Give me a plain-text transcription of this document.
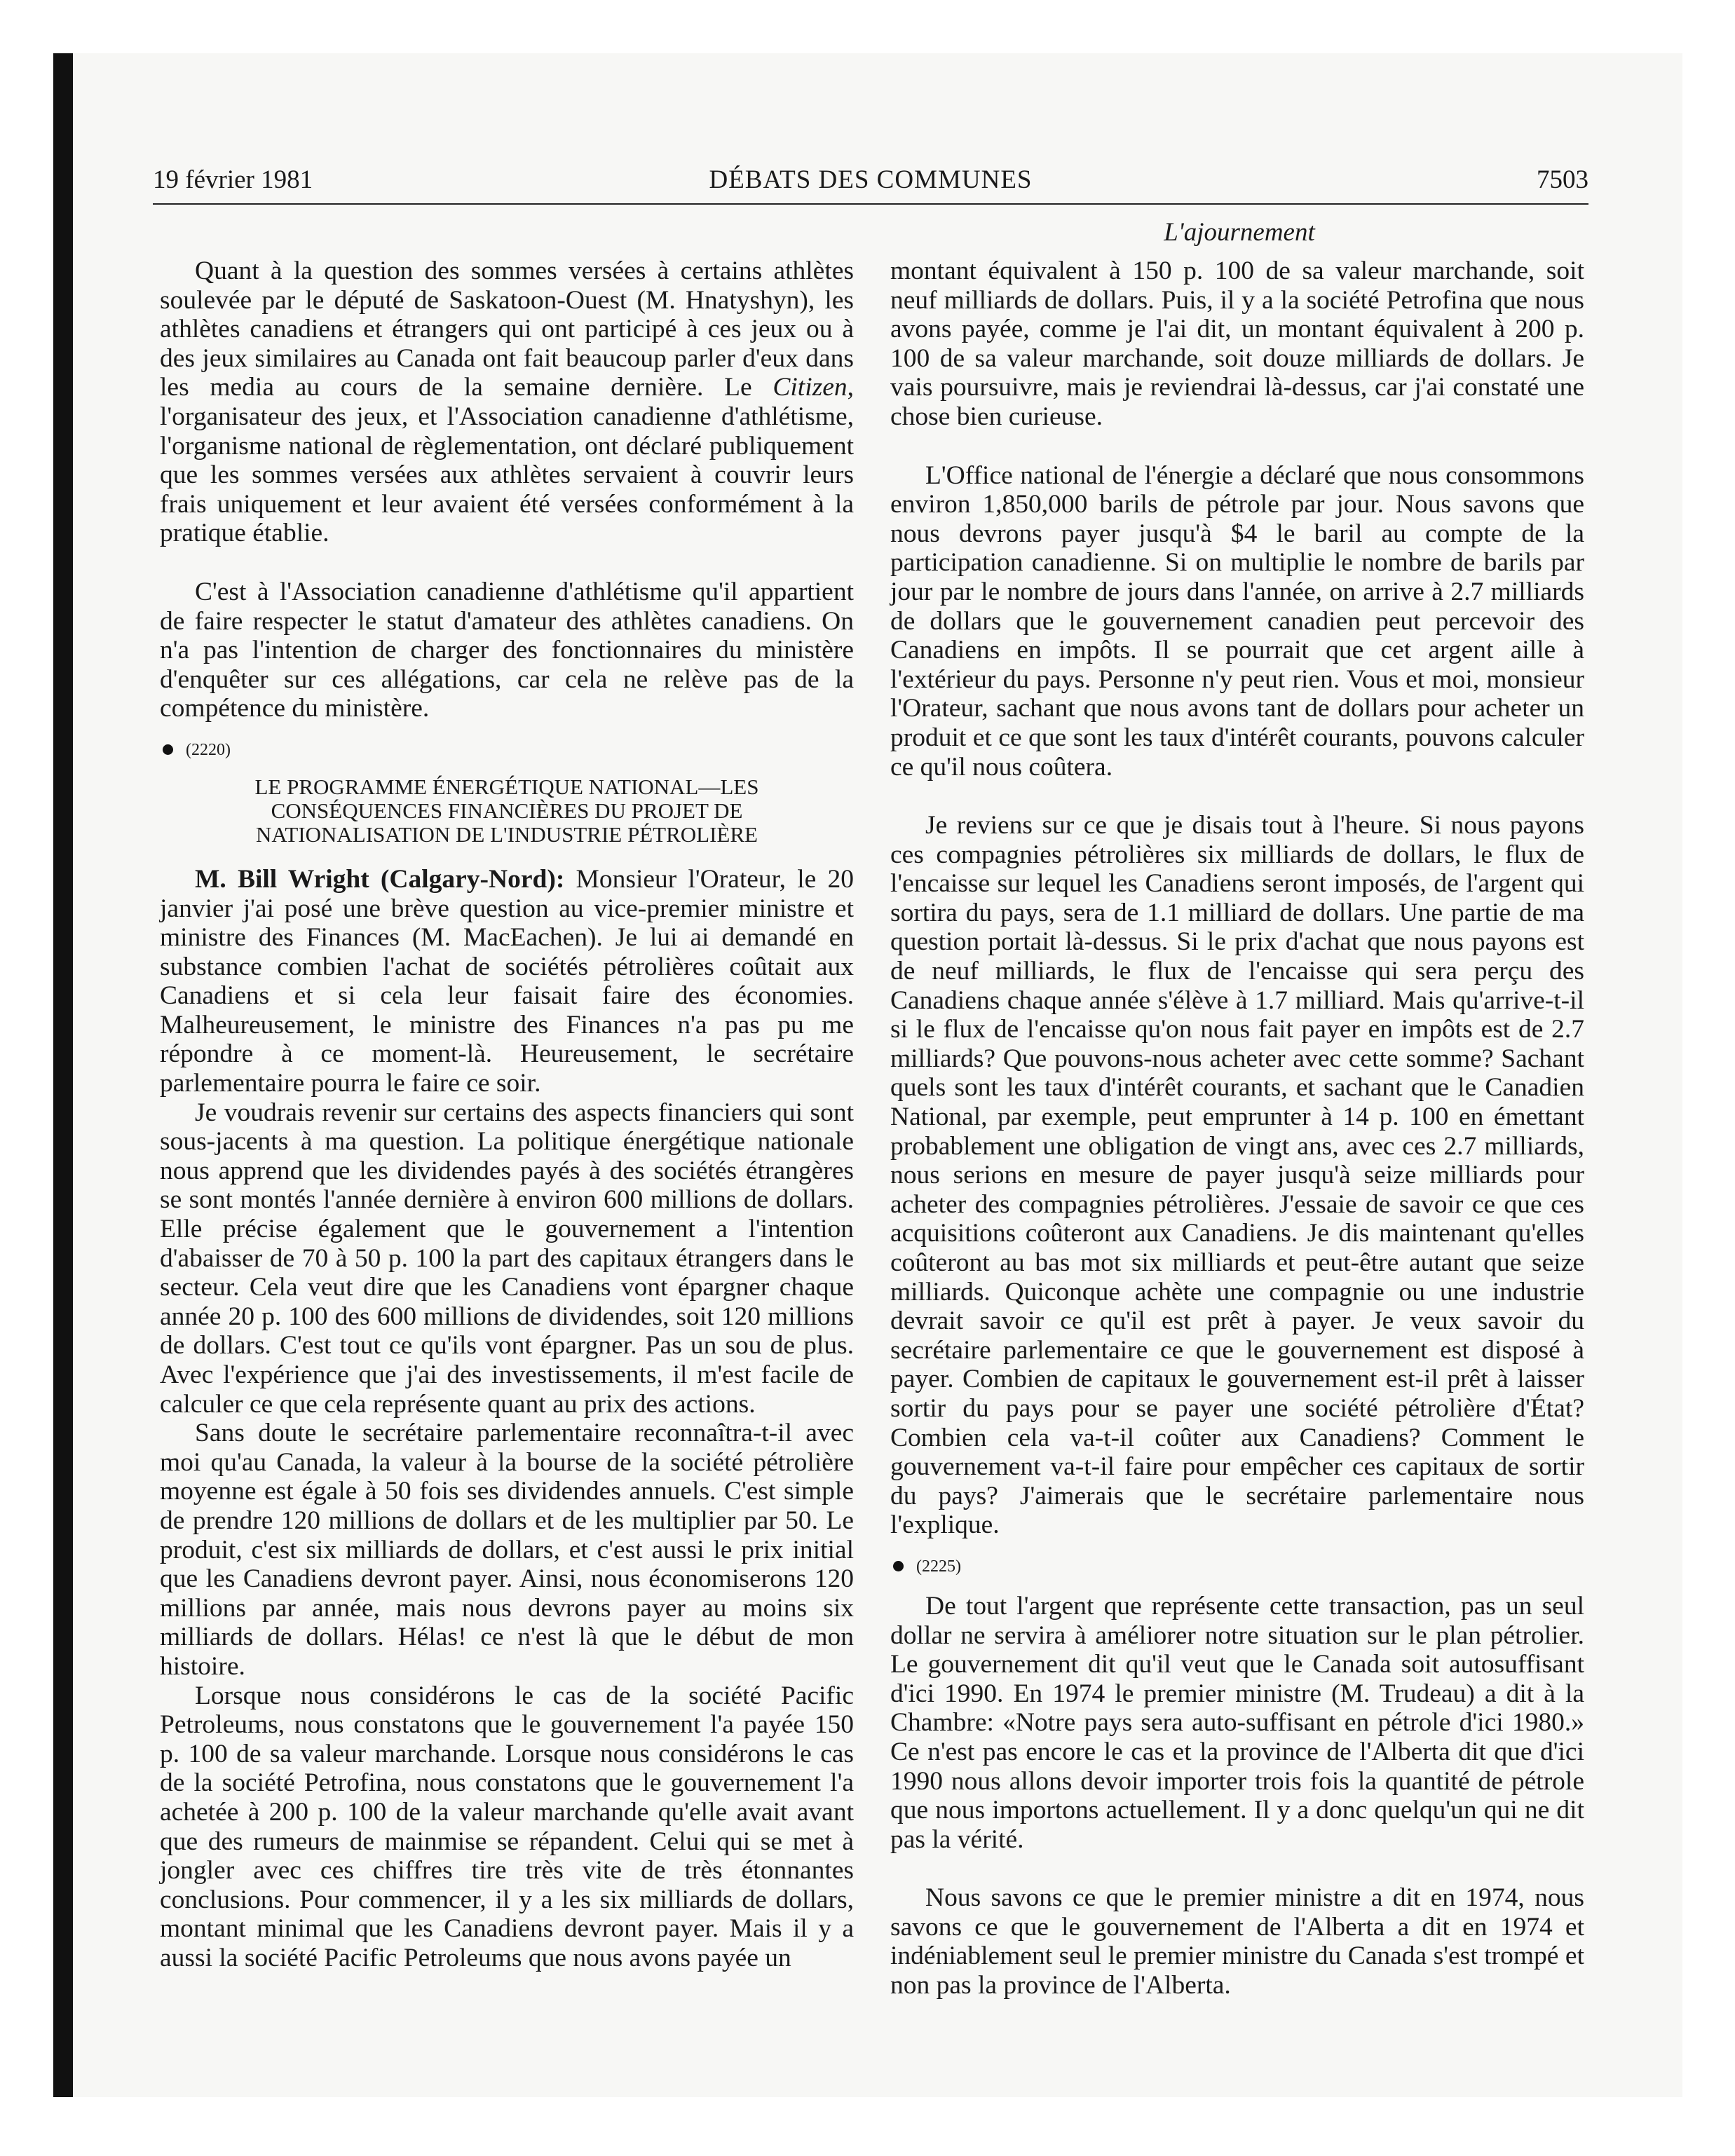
19 février 1981	DÉBATS DES COMMUNES	7503
L'ajournement

Quant à la question des sommes versées à certains athlètes soulevée par le député de Saskatoon-Ouest (M. Hnatyshyn), les athlètes canadiens et étrangers qui ont participé à ces jeux ou à des jeux similaires au Canada ont fait beaucoup parler d'eux dans les media au cours de la semaine dernière. Le Citizen, l'organisateur des jeux, et l'Association canadienne d'athlétisme, l'organisme national de règlementation, ont déclaré publiquement que les sommes versées aux athlètes servaient à couvrir leurs frais uniquement et leur avaient été versées conformément à la pratique établie.

C'est à l'Association canadienne d'athlétisme qu'il appartient de faire respecter le statut d'amateur des athlètes canadiens. On n'a pas l'intention de charger des fonctionnaires du ministère d'enquêter sur ces allégations, car cela ne relève pas de la compétence du ministère.

(2220)
LE PROGRAMME ÉNERGÉTIQUE NATIONAL—LES
CONSÉQUENCES FINANCIÈRES DU PROJET DE
NATIONALISATION DE L'INDUSTRIE PÉTROLIÈRE

M. Bill Wright (Calgary-Nord): Monsieur l'Orateur, le 20 janvier j'ai posé une brève question au vice-premier ministre et ministre des Finances (M. MacEachen). Je lui ai demandé en substance combien l'achat de sociétés pétrolières coûtait aux Canadiens et si cela leur faisait faire des économies. Malheureusement, le ministre des Finances n'a pas pu me répondre à ce moment-là. Heureusement, le secrétaire parlementaire pourra le faire ce soir.

Je voudrais revenir sur certains des aspects financiers qui sont sous-jacents à ma question. La politique énergétique nationale nous apprend que les dividendes payés à des sociétés étrangères se sont montés l'année dernière à environ 600 millions de dollars. Elle précise également que le gouvernement a l'intention d'abaisser de 70 à 50 p. 100 la part des capitaux étrangers dans le secteur. Cela veut dire que les Canadiens vont épargner chaque année 20 p. 100 des 600 millions de dividendes, soit 120 millions de dollars. C'est tout ce qu'ils vont épargner. Pas un sou de plus. Avec l'expérience que j'ai des investissements, il m'est facile de calculer ce que cela représente quant au prix des actions.

Sans doute le secrétaire parlementaire reconnaîtra-t-il avec moi qu'au Canada, la valeur à la bourse de la société pétrolière moyenne est égale à 50 fois ses dividendes annuels. C'est simple de prendre 120 millions de dollars et de les multiplier par 50. Le produit, c'est six milliards de dollars, et c'est aussi le prix initial que les Canadiens devront payer. Ainsi, nous économiserons 120 millions par année, mais nous devrons payer au moins six milliards de dollars. Hélas! ce n'est là que le début de mon histoire.

Lorsque nous considérons le cas de la société Pacific Petroleums, nous constatons que le gouvernement l'a payée 150 p. 100 de sa valeur marchande. Lorsque nous considérons le cas de la société Petrofina, nous constatons que le gouvernement l'a achetée à 200 p. 100 de la valeur marchande qu'elle avait avant que des rumeurs de mainmise se répandent. Celui qui se met à jongler avec ces chiffres tire très vite de très étonnantes conclusions. Pour commencer, il y a les six milliards de dollars, montant minimal que les Canadiens devront payer. Mais il y a aussi la société Pacific Petroleums que nous avons payée un

montant équivalent à 150 p. 100 de sa valeur marchande, soit neuf milliards de dollars. Puis, il y a la société Petrofina que nous avons payée, comme je l'ai dit, un montant équivalent à 200 p. 100 de sa valeur marchande, soit douze milliards de dollars. Je vais poursuivre, mais je reviendrai là-dessus, car j'ai constaté une chose bien curieuse.

L'Office national de l'énergie a déclaré que nous consommons environ 1,850,000 barils de pétrole par jour. Nous savons que nous devrons payer jusqu'à $4 le baril au compte de la participation canadienne. Si on multiplie le nombre de barils par jour par le nombre de jours dans l'année, on arrive à 2.7 milliards de dollars que le gouvernement canadien peut percevoir des Canadiens en impôts. Il se pourrait que cet argent aille à l'extérieur du pays. Personne n'y peut rien. Vous et moi, monsieur l'Orateur, sachant que nous avons tant de dollars pour acheter un produit et ce que sont les taux d'intérêt courants, pouvons calculer ce qu'il nous coûtera.

Je reviens sur ce que je disais tout à l'heure. Si nous payons ces compagnies pétrolières six milliards de dollars, le flux de l'encaisse sur lequel les Canadiens seront imposés, de l'argent qui sortira du pays, sera de 1.1 milliard de dollars. Une partie de ma question portait là-dessus. Si le prix d'achat que nous payons est de neuf milliards, le flux de l'encaisse qui sera perçu des Canadiens chaque année s'élève à 1.7 milliard. Mais qu'arrive-t-il si le flux de l'encaisse qu'on nous fait payer en impôts est de 2.7 milliards? Que pouvons-nous acheter avec cette somme? Sachant quels sont les taux d'intérêt courants, et sachant que le Canadien National, par exemple, peut emprunter à 14 p. 100 en émettant probablement une obligation de vingt ans, avec ces 2.7 milliards, nous serions en mesure de payer jusqu'à seize milliards pour acheter des compagnies pétrolières. J'essaie de savoir ce que ces acquisitions coûteront aux Canadiens. Je dis maintenant qu'elles coûteront au bas mot six milliards et peut-être autant que seize milliards. Quiconque achète une compagnie ou une industrie devrait savoir ce qu'il est prêt à payer. Je veux savoir du secrétaire parlementaire ce que le gouvernement est disposé à payer. Combien de capitaux le gouvernement est-il prêt à laisser sortir du pays pour se payer une société pétrolière d'État? Combien cela va-t-il coûter aux Canadiens? Comment le gouvernement va-t-il faire pour empêcher ces capitaux de sortir du pays? J'aimerais que le secrétaire parlementaire nous l'explique.

(2225)

De tout l'argent que représente cette transaction, pas un seul dollar ne servira à améliorer notre situation sur le plan pétrolier. Le gouvernement dit qu'il veut que le Canada soit autosuffisant d'ici 1990. En 1974 le premier ministre (M. Trudeau) a dit à la Chambre: «Notre pays sera auto-suffisant en pétrole d'ici 1980.» Ce n'est pas encore le cas et la province de l'Alberta dit que d'ici 1990 nous allons devoir importer trois fois la quantité de pétrole que nous importons actuellement. Il y a donc quelqu'un qui ne dit pas la vérité.

Nous savons ce que le premier ministre a dit en 1974, nous savons ce que le gouvernement de l'Alberta a dit en 1974 et indéniablement seul le premier ministre du Canada s'est trompé et non pas la province de l'Alberta.
